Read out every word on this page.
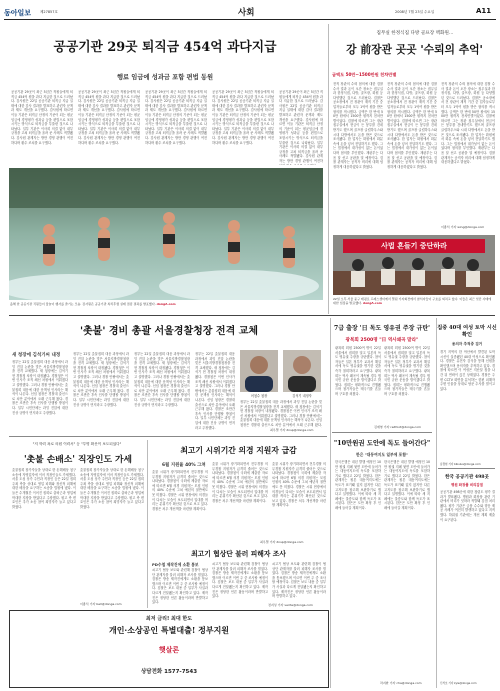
동아일보	제27857호	사회	2008년 7월 23일 수요일	A11
공공기관 29곳 퇴직금 454억 과다지급
행료 임금에 성과금 포함 편법 동원
공공기관 29곳이 최근 5년간 직원들에게 퇴직금 454억 원을 과다 지급한 것으로 드러났다. 감사원은 22일 공공기관 퇴직금 지급 실태에 대한 감사 결과를 발표하고 관련자 문책과 제도 개선을 요구했다. 감사원에 따르면 이들 기관은 퇴직금 산정의 기준이 되는 평균임금에 경영평가 성과급 등을 편법으로 포함시키는 방식으로 퇴직금을 부풀린 것으로 나타났다. 일부 기관은 이사회 의결 없이 내부 규정을 고쳐 퇴직금을 올려 준 사례도 적발됐다. 감사원 관계자는 방만 경영 관행이 여전하다며 환수 조치를 요구했다.
공공기관 29곳이 최근 5년간 직원들에게 퇴직금 454억 원을 과다 지급한 것으로 드러났다. 감사원은 22일 공공기관 퇴직금 지급 실태에 대한 감사 결과를 발표하고 관련자 문책과 제도 개선을 요구했다. 감사원에 따르면 이들 기관은 퇴직금 산정의 기준이 되는 평균임금에 경영평가 성과급 등을 편법으로 포함시키는 방식으로 퇴직금을 부풀린 것으로 나타났다. 일부 기관은 이사회 의결 없이 내부 규정을 고쳐 퇴직금을 올려 준 사례도 적발됐다. 감사원 관계자는 방만 경영 관행이 여전하다며 환수 조치를 요구했다.
공공기관 29곳이 최근 5년간 직원들에게 퇴직금 454억 원을 과다 지급한 것으로 드러났다. 감사원은 22일 공공기관 퇴직금 지급 실태에 대한 감사 결과를 발표하고 관련자 문책과 제도 개선을 요구했다. 감사원에 따르면 이들 기관은 퇴직금 산정의 기준이 되는 평균임금에 경영평가 성과급 등을 편법으로 포함시키는 방식으로 퇴직금을 부풀린 것으로 나타났다. 일부 기관은 이사회 의결 없이 내부 규정을 고쳐 퇴직금을 올려 준 사례도 적발됐다. 감사원 관계자는 방만 경영 관행이 여전하다며 환수 조치를 요구했다.
공공기관 29곳이 최근 5년간 직원들에게 퇴직금 454억 원을 과다 지급한 것으로 드러났다. 감사원은 22일 공공기관 퇴직금 지급 실태에 대한 감사 결과를 발표하고 관련자 문책과 제도 개선을 요구했다. 감사원에 따르면 이들 기관은 퇴직금 산정의 기준이 되는 평균임금에 경영평가 성과급 등을 편법으로 포함시키는 방식으로 퇴직금을 부풀린 것으로 나타났다. 일부 기관은 이사회 의결 없이 내부 규정을 고쳐 퇴직금을 올려 준 사례도 적발됐다. 감사원 관계자는 방만 경영 관행이 여전하다며 환수 조치를 요구했다.
공공기관 29곳이 최근 5년간 직원들에게 퇴직금 454억 원을 과다 지급한 것으로 드러났다. 감사원은 22일 공공기관 퇴직금 지급 실태에 대한 감사 결과를 발표하고 관련자 문책과 제도 개선을 요구했다. 감사원에 따르면 이들 기관은 퇴직금 산정의 기준이 되는 평균임금에 경영평가 성과급 등을 편법으로 포함시키는 방식으로 퇴직금을 부풀린 것으로 나타났다. 일부 기관은 이사회 의결 없이 내부 규정을 고쳐 퇴직금을 올려 준 사례도 적발됐다. 감사원 관계자는 방만 경영 관행이 여전하
올해 한 공공기관 직원들이 물놀이 행사를 즐기는 모습. 감사원은 공공기관 복리후생 실태 점검 결과를 발표했다. dongA.com
집무실 한정식집 다방 골프장 맥화원…
강 前장관 곳곳 '수뢰의 추억'
금액도 50만~1500만원 천차만별
전직 장관의 수뢰 혐의에 대한 검찰 수사 결과 돈이 오간 장소는 집무실과 한정식집, 다방, 골프장, 화원 등 다양했던 것으로 드러났다. 검찰은 공소장에서 전 장관이 재직 기간 중 업자들로부터 모두 1억여 원을 받은 혐의를 적시했다. 금액은 한 번에 50만 원에서 1500만 원까지 천차만별이었다. 검찰에 따르면 그는 장관 집무실에서 현금이 든 봉투를 건네받기도 했으며 골프장 클럽하우스와 시내 다방에서도 돈을 받은 것으로 조사됐다. 한 업자는 화원에서 화분 속에 돈을 넣어 전달하기도 했다. 그는 법정에서 대가성이 없는 돈이었다며 혐의를 부인했다. 재판부는 다음 달 선고 공판을 열 예정이다. 검찰 관계자는 공직자 비리에 대해 엄정하게 대응하겠다고 밝혔다.
전직 장관의 수뢰 혐의에 대한 검찰 수사 결과 돈이 오간 장소는 집무실과 한정식집, 다방, 골프장, 화원 등 다양했던 것으로 드러났다. 검찰은 공소장에서 전 장관이 재직 기간 중 업자들로부터 모두 1억여 원을 받은 혐의를 적시했다. 금액은 한 번에 50만 원에서 1500만 원까지 천차만별이었다. 검찰에 따르면 그는 장관 집무실에서 현금이 든 봉투를 건네받기도 했으며 골프장 클럽하우스와 시내 다방에서도 돈을 받은 것으로 조사됐다. 한 업자는 화원에서 화분 속에 돈을 넣어 전달하기도 했다. 그는 법정에서 대가성이 없는 돈이었다며 혐의를 부인했다. 재판부는 다음 달 선고 공판을 열 예정이다. 검찰 관계자는 공직자 비리에 대해 엄정하게 대응하겠다고 밝혔다.
전직 장관의 수뢰 혐의에 대한 검찰 수사 결과 돈이 오간 장소는 집무실과 한정식집, 다방, 골프장, 화원 등 다양했던 것으로 드러났다. 검찰은 공소장에서 전 장관이 재직 기간 중 업자들로부터 모두 1억여 원을 받은 혐의를 적시했다. 금액은 한 번에 50만 원에서 1500만 원까지 천차만별이었다. 검찰에 따르면 그는 장관 집무실에서 현금이 든 봉투를 건네받기도 했으며 골프장 클럽하우스와 시내 다방에서도 돈을 받은 것으로 조사됐다. 한 업자는 화원에서 화분 속에 돈을 넣어 전달하기도 했다. 그는 법정에서 대가성이 없는 돈이었다며 혐의를 부인했다. 재판부는 다음 달 선고 공판을 열 예정이다. 검찰 관계자는 공직자 비리에 대해 엄정하게 대응하겠다고 밝혔다.
이종석 기자 wing@donga.com
사법 흔들기 중단하라
22일 오후 서울 중구 태평로 프레스센터에서 열린 기자회견에서 참석자들이 구호를 외치고 있다. 이들은 최근 잇단 사태에 대한 입장을 발표했다. dongA.com
'촛불' 경비 총괄 서울경찰청장 전격 교체
새 청장에 김석기씨 내정
정부는 22일 촛불집회 대응 과정에서 과잉 진압 논란을 빚은 서울지방경찰청장을 전격 교체했다. 새 청장에는 김석기 현 경찰청 차장이 내정됐다. 경찰청은 이번 인사가 조직 쇄신 차원에서 이뤄졌다고 설명했다. 그러나 경찰 안팎에서는 촛불집회 대응에 대한 문책성 인사라는 해석이 나온다. 신임 청장은 경찰대 출신으로 치안 분야에서 오래 근무해 왔다. 경찰은 조만간 후속 인사를 단행할 방침이다. 일부 시민단체는 과잉 진압에 대한 진상 규명이 먼저라고 주장했다.
정부는 22일 촛불집회 대응 과정에서 과잉 진압 논란을 빚은 서울지방경찰청장을 전격 교체했다. 새 청장에는 김석기 현 경찰청 차장이 내정됐다. 경찰청은 이번 인사가 조직 쇄신 차원에서 이뤄졌다고 설명했다. 그러나 경찰 안팎에서는 촛불집회 대응에 대한 문책성 인사라는 해석이 나온다. 신임 청장은 경찰대 출신으로 치안 분야에서 오래 근무해 왔다. 경찰은 조만간 후속 인사를 단행할 방침이다. 일부 시민단체는 과잉 진압에 대한 진상 규명이 먼저라고 주장했다.
정부는 22일 촛불집회 대응 과정에서 과잉 진압 논란을 빚은 서울지방경찰청장을 전격 교체했다. 새 청장에는 김석기 현 경찰청 차장이 내정됐다. 경찰청은 이번 인사가 조직 쇄신 차원에서 이뤄졌다고 설명했다. 그러나 경찰 안팎에서는 촛불집회 대응에 대한 문책성 인사라는 해석이 나온다. 신임 청장은 경찰대 출신으로 치안 분야에서 오래 근무해 왔다. 경찰은 조만간 후속 인사를 단행할 방침이다. 일부 시민단체는 과잉 진압에 대한 진상 규명이 먼저라고 주장했다.
정부는 22일 촛불집회 대응 과정에서 과잉 진압 논란을 빚은 서울지방경찰청장을 전격 교체했다. 새 청장에는 김석기 현 경찰청 차장이 내정됐다. 경찰청은 이번 인사가 조직 쇄신 차원에서 이뤄졌다고 설명했다. 그러나 경찰 안팎에서는 촛불집회 대응에 대한 문책성 인사라는 해석이 나온다. 신임 청장은 경찰대 출신으로 치안 분야에서 오래 근무해 왔다. 경찰은 조만간 후속 인사를 단행할 방침이다. 일부 시민단체는 과잉 진압에 대한 진상 규명이 먼저라고 주장했다.
어청수 청장	김석기 내정자
정부는 22일 촛불집회 대응 과정에서 과잉 진압 논란을 빚은 서울지방경찰청장을 전격 교체했다. 새 청장에는 김석기 현 경찰청 차장이 내정됐다. 경찰청은 이번 인사가 조직 쇄신 차원에서 이뤄졌다고 설명했다. 그러나 경찰 안팎에서는 촛불집회 대응에 대한 문책성 인사라는 해석이 나온다. 신임 청장은 경찰대 출신으로 치안 분야에서 오래 근무해 왔다.
최우열 기자 dnsp@donga.com
"저 학력 폭로 의원 이력서" 등 "투명 확산이 보도되었다"
'촛불 손배소' 직장인도 가세
촛불집회 참가자들을 상대로 한 손해배상 청구 소송에 자영업자에 이어 직장인들도 가세했다. 서울 도심 상가 주민과 직장인 등은 22일 집회 주최 측을 상대로 영업 피해와 정신적 피해에 대한 배상을 요구하는 소송을 법원에 냈다. 이들은 수개월간 이어진 집회로 출퇴근과 영업에 막대한 지장을 받았다고 주장했다. 원고 측 변호인은 추가 소송 참여 희망자가 늘고 있다고 밝혔다.
촛불집회 참가자들을 상대로 한 손해배상 청구 소송에 자영업자에 이어 직장인들도 가세했다. 서울 도심 상가 주민과 직장인 등은 22일 집회 주최 측을 상대로 영업 피해와 정신적 피해에 대한 배상을 요구하는 소송을 법원에 냈다. 이들은 수개월간 이어진 집회로 출퇴근과 영업에 막대한 지장을 받았다고 주장했다. 원고 측 변호인은 추가 소송 참여 희망자가 늘고 있다고 밝혔다.
이종식 기자 bell@donga.com
최고기 시위기간 의경 지원자 급감
6월 지원율 40% 그쳐
촛불 시위가 장기화되면서 전투경찰 의무경찰 지원자가 급격히 줄어든 것으로 나타났다. 경찰청이 국회에 제출한 자료에 따르면 6월 의경 지원자는 모집 인원의 40% 수준에 그쳐 예년의 절반에도 못 미쳤다. 경찰은 시위 현장에서 의경들이 다치는 모습이 보도되면서 입대를 꺼리는 분위기가 확산된 것으로 보고 있다. 경찰은 처우 개선책을 마련할 계획이다.
촛불 시위가 장기화되면서 전투경찰 의무경찰 지원자가 급격히 줄어든 것으로 나타났다. 경찰청이 국회에 제출한 자료에 따르면 6월 의경 지원자는 모집 인원의 40% 수준에 그쳐 예년의 절반에도 못 미쳤다. 경찰은 시위 현장에서 의경들이 다치는 모습이 보도되면서 입대를 꺼리는 분위기가 확산된 것으로 보고 있다. 경찰은 처우 개선책을 마련할 계획이다.
촛불 시위가 장기화되면서 전투경찰 의무경찰 지원자가 급격히 줄어든 것으로 나타났다. 경찰청이 국회에 제출한 자료에 따르면 6월 의경 지원자는 모집 인원의 40% 수준에 그쳐 예년의 절반에도 못 미쳤다. 경찰은 시위 현장에서 의경들이 다치는 모습이 보도되면서 입대를 꺼리는 분위기가 확산된 것으로 보고 있다. 경찰은 처우 개선책을 마련할 계획이다.
최우열 기자 dnsp@donga.com
최고기 협상단 불러 피해자 조사
PD수첩 제작진에 소환 통보
쇠고기 협상 보도와 관련해 검찰이 협상단 관계자를 불러 피해자 조사를 벌였다. 검찰은 방송 제작진에게도 소환을 통보했으며 이르면 이번 주 중 조사할 예정이다. 검찰은 보도 내용 중 일부가 사실과 다르게 전달됐는지 확인하고 있다. 제작진은 정당한 언론 활동이라며 반발하고 있다.
쇠고기 협상 보도와 관련해 검찰이 협상단 관계자를 불러 피해자 조사를 벌였다. 검찰은 방송 제작진에게도 소환을 통보했으며 이르면 이번 주 중 조사할 예정이다. 검찰은 보도 내용 중 일부가 사실과 다르게 전달됐는지 확인하고 있다. 제작진은 정당한 언론 활동이라며 반발하고 있다.
쇠고기 협상 보도와 관련해 검찰이 협상단 관계자를 불러 피해자 조사를 벌였다. 검찰은 방송 제작진에게도 소환을 통보했으며 이르면 이번 주 중 조사할 예정이다. 검찰은 보도 내용 중 일부가 사실과 다르게 전달됐는지 확인하고 있다. 제작진은 정당한 언론 활동이라며 반발하고 있다.
전지성 기자 verite@donga.com
최저 금리! 최대 한도
개인·소상공인 특별대출! 정부지원
햇살론
상담전화 1577-7543
7급 출장 '日 독도 영유권 주장 규탄'
광복회 2500명 "日 역사왜곡 말라"
광복회 회원 2500여 명이 22일 서울에서 집회를 열고 일본의 독도 영유권 주장을 규탄했다. 참석자들은 일본 정부가 교과서 해설서에 독도 영유권을 명기한 것을 즉각 철회하라고 요구했다. 광복회는 역사 왜곡이 계속될 경우 범국민 규탄 운동을 벌이겠다고 밝혔다. 집회는 평화적으로 진행됐으며 참가자들은 태극기를 흔들며 구호를 외쳤다.
광복회 회원 2500여 명이 22일 서울에서 집회를 열고 일본의 독도 영유권 주장을 규탄했다. 참석자들은 일본 정부가 교과서 해설서에 독도 영유권을 명기한 것을 즉각 철회하라고 요구했다. 광복회는 역사 왜곡이 계속될 경우 범국민 규탄 운동을 벌이겠다고 밝혔다. 집회는 평화적으로 진행됐으며 참가자들은 태극기를 흔들며 구호를 외쳤다.
김재영 기자 redfoot@donga.com
"10만원권 도안에 독도 들어간다"
한은 "대동여지도 일부에 포함"
한국은행은 내년 발행 예정인 10만 원권 지폐 뒷면 도안에 들어가는 대동여지도에 독도를 포함하기로 했다고 22일 밝혔다. 한은 관계자는 원본 대동여지도에는 독도가 표기돼 있지 않지만 다른 고지도를 참고해 보완하기로 했다고 설명했다. 이에 따라 새 지폐에는 울릉도와 함께 독도가 표시된다. 한은은 도안 확정 후 인쇄에 들어갈 계획이다.
한국은행은 내년 발행 예정인 10만 원권 지폐 뒷면 도안에 들어가는 대동여지도에 독도를 포함하기로 했다고 22일 밝혔다. 한은 관계자는 원본 대동여지도에는 독도가 표기돼 있지 않지만 다른 고지도를 참고해 보완하기로 했다고 설명했다. 이에 따라 새 지폐에는 울릉도와 함께 독도가 표시된다. 한은은 도안 확정 후 인쇄에 들어갈 계획이다.
차지완 기자 cha@donga.com
집중 40대 여성 토막 시신 확인
용의자 추적중 검거
경기 지역의 한 야산에서 발견된 토막 시신이 실종됐던 40대 여성으로 확인됐다. 경찰은 유전자 감식을 통해 신원을 확인했으며 용의자를 추적하고 있다. 경찰에 따르면 이 여성은 지난달 집을 나간 뒤 연락이 끊긴 상태였다. 경찰은 주변 CCTV 화면을 분석하는 한편 피해자 주변 인물을 상대로 탐문 수사를 벌이고 있다.
남경현 기자 bibulus@donga.com
한국 공공기관 498곳
병원 화장품 비리감점
공공기관 498곳에 대한 청렴도 평가 결과가 발표됐다. 병원과 화장품 관련 기관에서 비리가 잇따라 적발돼 감점 처리됐다. 평가 기관은 금품 수수와 향응 제공 사례가 여전히 발생하고 있다고 지적했다. 하위권 기관에는 개선 계획 제출이 요구된다.
신석호 기자 kyle@donga.com
